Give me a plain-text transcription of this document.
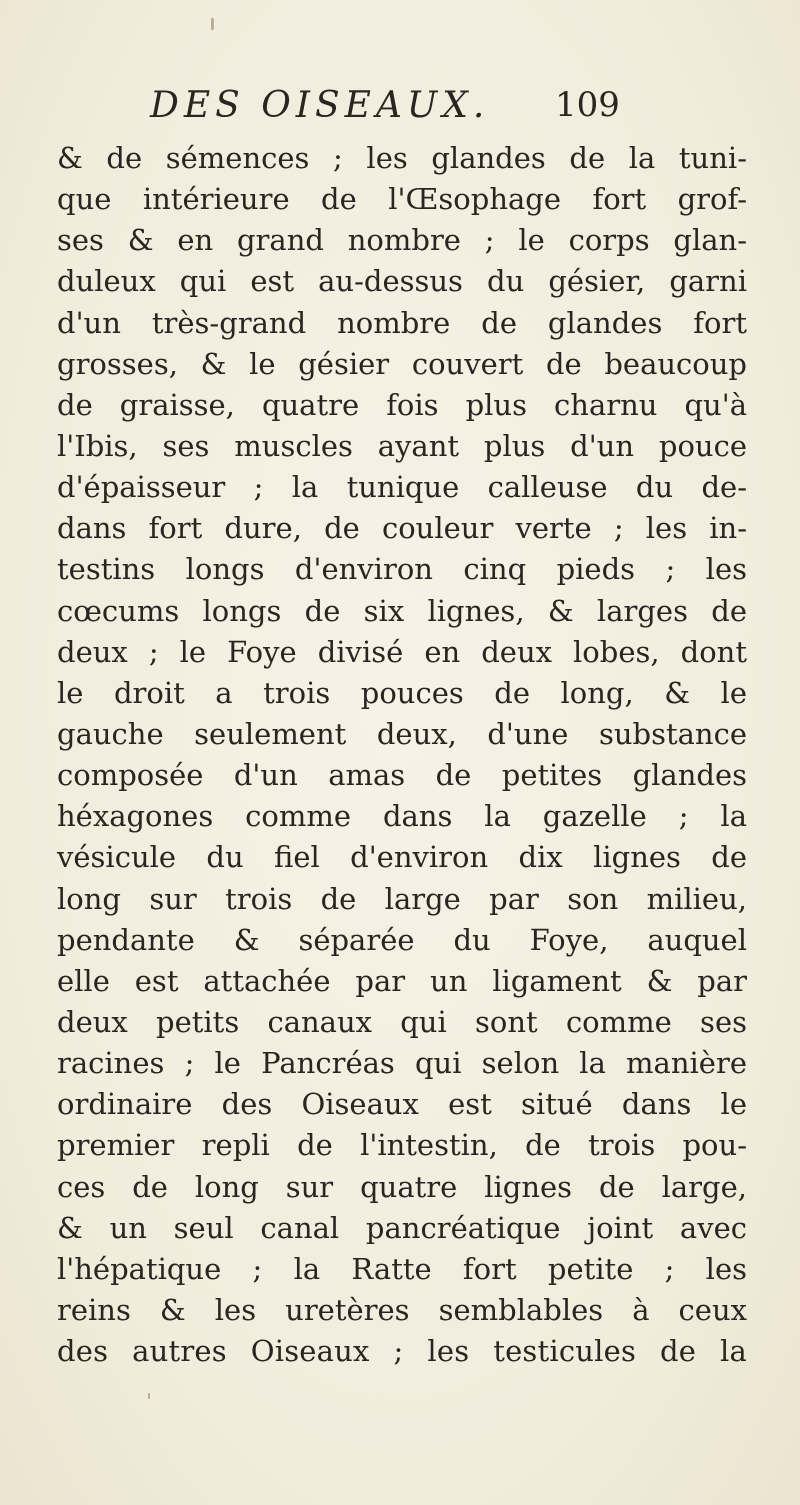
DES OISEAUX. 109
& de sémences ; les glandes de la tuni-
que intérieure de l'Œsophage fort grof-
ses & en grand nombre ; le corps glan-
duleux qui est au-dessus du gésier, garni
d'un très-grand nombre de glandes fort
grosses, & le gésier couvert de beaucoup
de graisse, quatre fois plus charnu qu'à
l'Ibis, ses muscles ayant plus d'un pouce
d'épaisseur ; la tunique calleuse du de-
dans fort dure, de couleur verte ; les in-
testins longs d'environ cinq pieds ; les
cœcums longs de six lignes, & larges de
deux ; le Foye divisé en deux lobes, dont
le droit a trois pouces de long, & le
gauche seulement deux, d'une substance
composée d'un amas de petites glandes
héxagones comme dans la gazelle ; la
vésicule du fiel d'environ dix lignes de
long sur trois de large par son milieu,
pendante & séparée du Foye, auquel
elle est attachée par un ligament & par
deux petits canaux qui sont comme ses
racines ; le Pancréas qui selon la manière
ordinaire des Oiseaux est situé dans le
premier repli de l'intestin, de trois pou-
ces de long sur quatre lignes de large,
& un seul canal pancréatique joint avec
l'hépatique ; la Ratte fort petite ; les
reins & les uretères semblables à ceux
des autres Oiseaux ; les testicules de la
